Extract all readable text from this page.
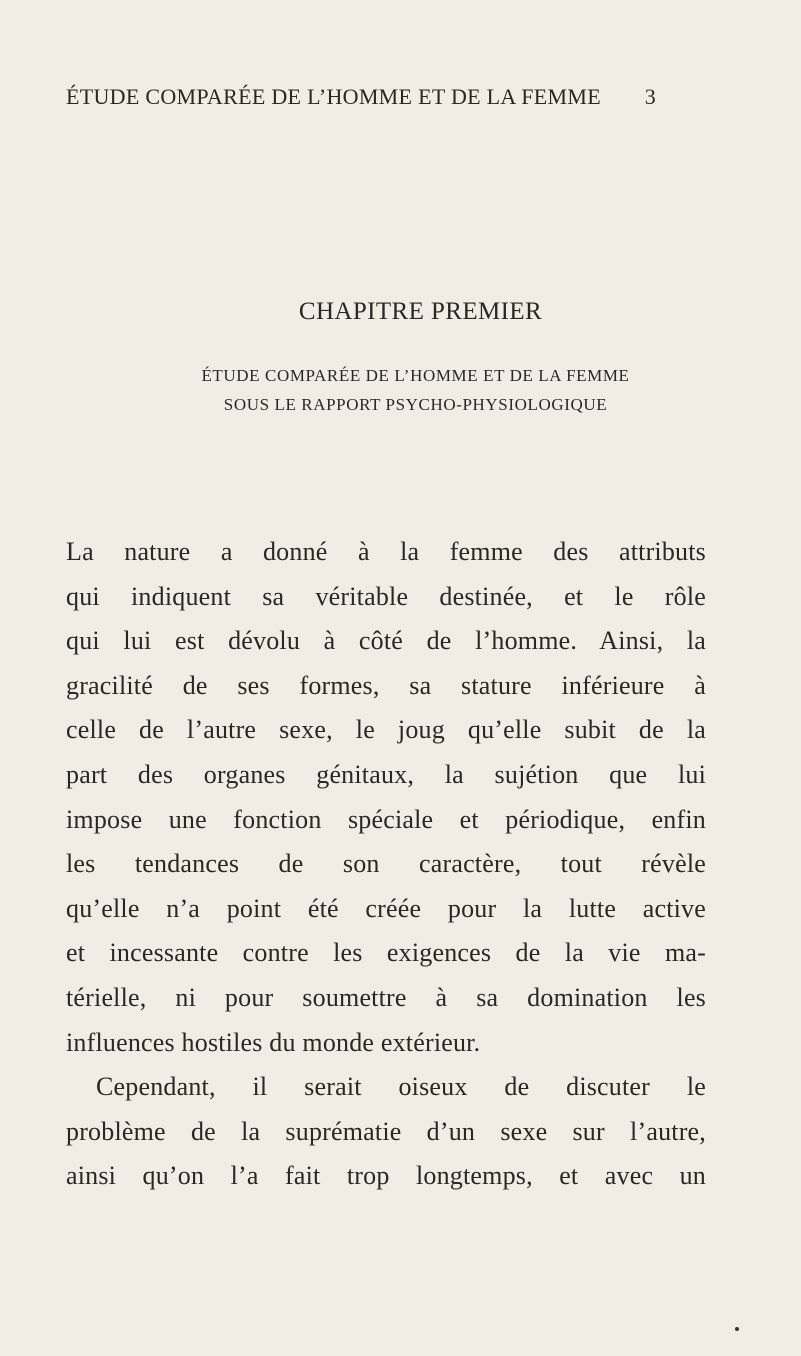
ÉTUDE COMPARÉE DE L’HOMME ET DE LA FEMME 3
CHAPITRE PREMIER
ÉTUDE COMPARÉE DE L’HOMME ET DE LA FEMME
SOUS LE RAPPORT PSYCHO-PHYSIOLOGIQUE
La nature a donné à la femme des attributs
qui indiquent sa véritable destinée, et le rôle
qui lui est dévolu à côté de l’homme. Ainsi, la
gracilité de ses formes, sa stature inférieure à
celle de l’autre sexe, le joug qu’elle subit de la
part des organes génitaux, la sujétion que lui
impose une fonction spéciale et périodique, enfin
les tendances de son caractère, tout révèle
qu’elle n’a point été créée pour la lutte active
et incessante contre les exigences de la vie ma-
térielle, ni pour soumettre à sa domination les
influences hostiles du monde extérieur.
Cependant, il serait oiseux de discuter le
problème de la suprématie d’un sexe sur l’autre,
ainsi qu’on l’a fait trop longtemps, et avec un
